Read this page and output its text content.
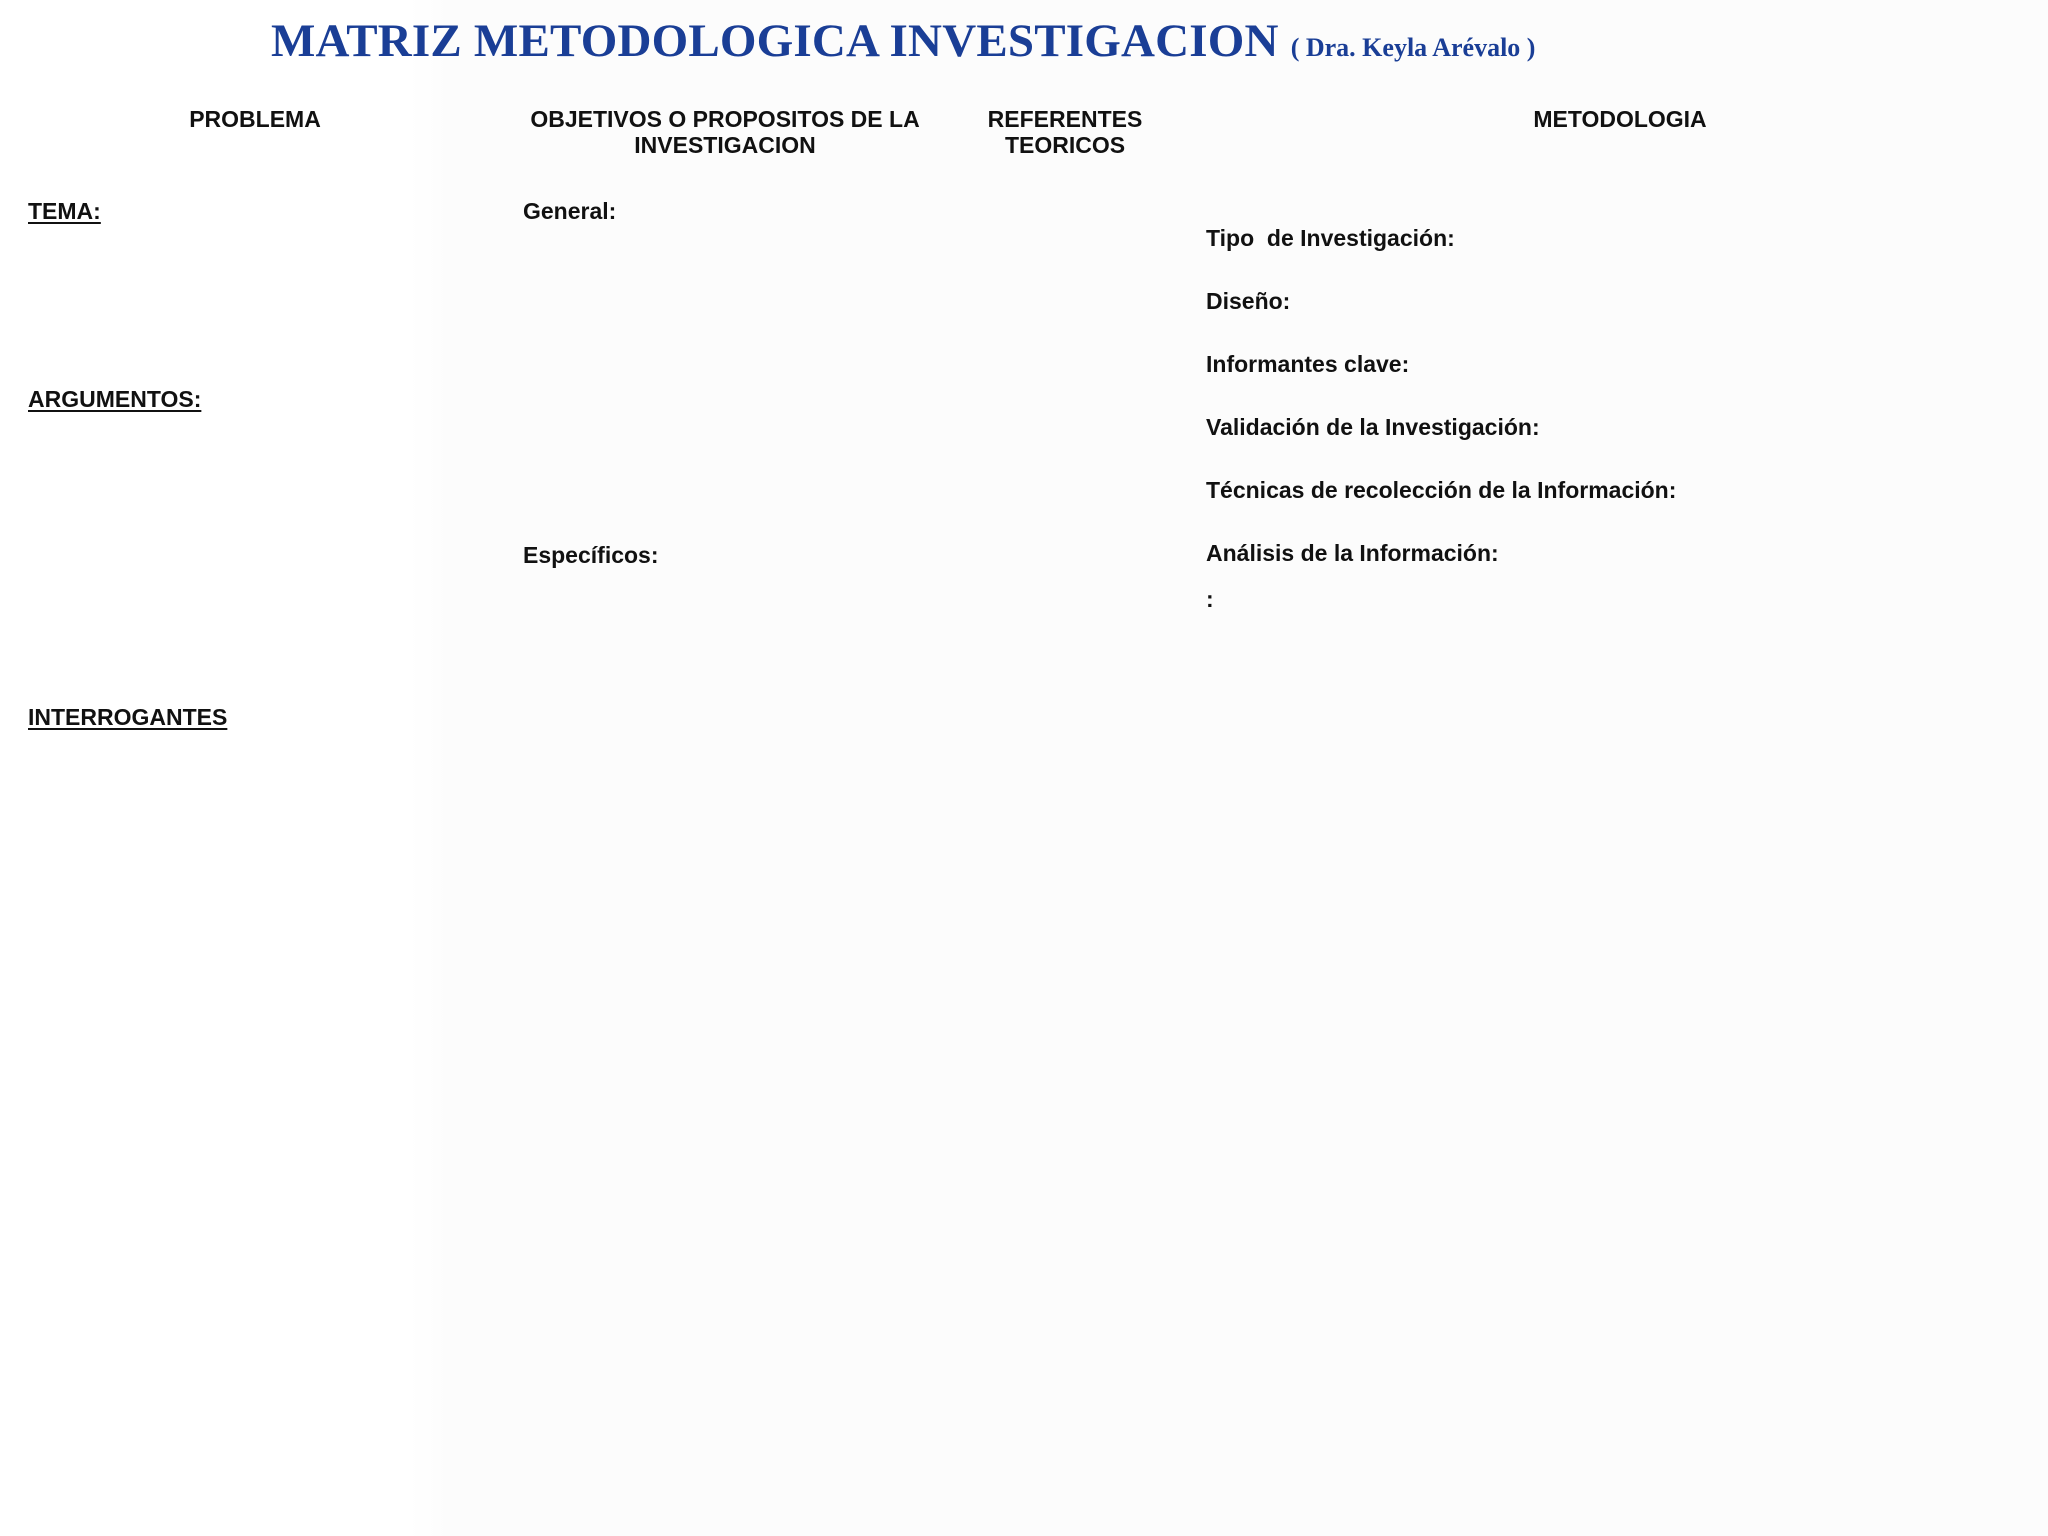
MATRIZ METODOLOGICA INVESTIGACION ( Dra. Keyla Arévalo )
PROBLEMA	OBJETIVOS O PROPOSITOS DE LA
INVESTIGACION
REFERENTES
TEORICOS
METODOLOGIA
TEMA:
ARGUMENTOS:
INTERROGANTES
General:
Específicos:
Tipo  de Investigación:
Diseño:
Informantes clave:
Validación de la Investigación:
Técnicas de recolección de la Información:
Análisis de la Información:
:
